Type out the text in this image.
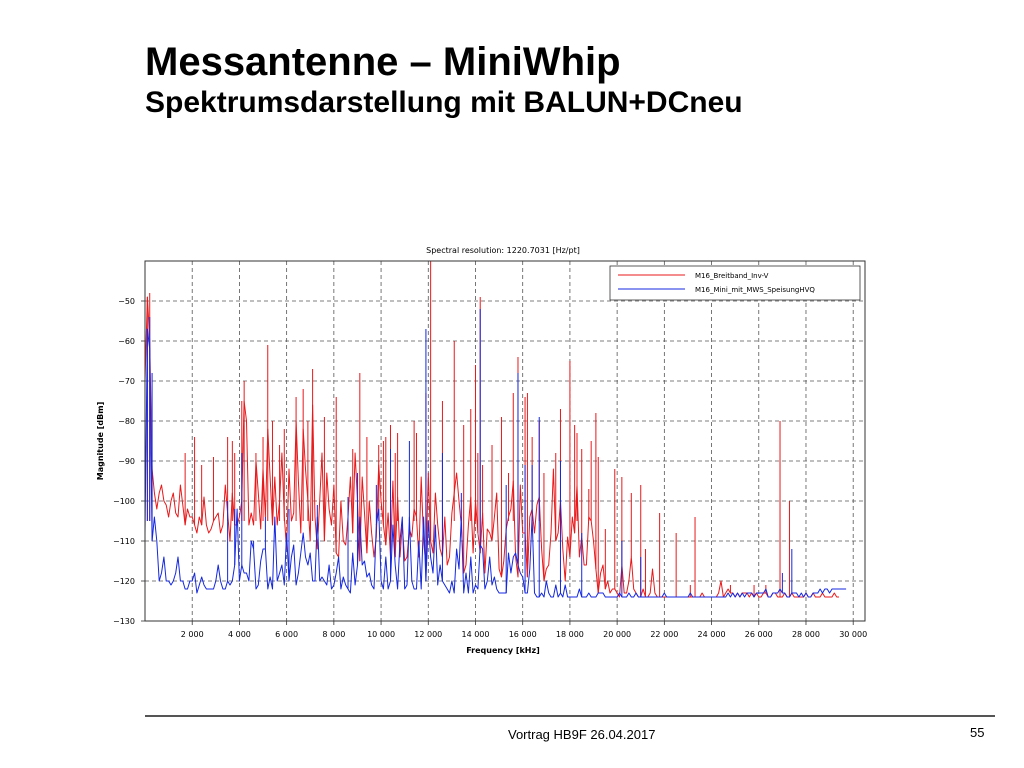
Messantenne – MiniWhip
Spektrumsdarstellung mit BALUN+DCneu
Spectral resolution: 1220.7031 [Hz/pt]
−130
−120
−110
−100
−90
−80
−70
−60
−50
2 000	4 000	6 000	8 000	10 000 12 000 14 000 16 000 18 000 20 000 22 000 24 000 26 000 28 000 30 000
Frequency [kHz]
Magnitude [dBm]
M16_Breitband_Inv-V
M16_Mini_mit_MWS_SpeisungHVQ
Vortrag HB9F 26.04.2017	55
